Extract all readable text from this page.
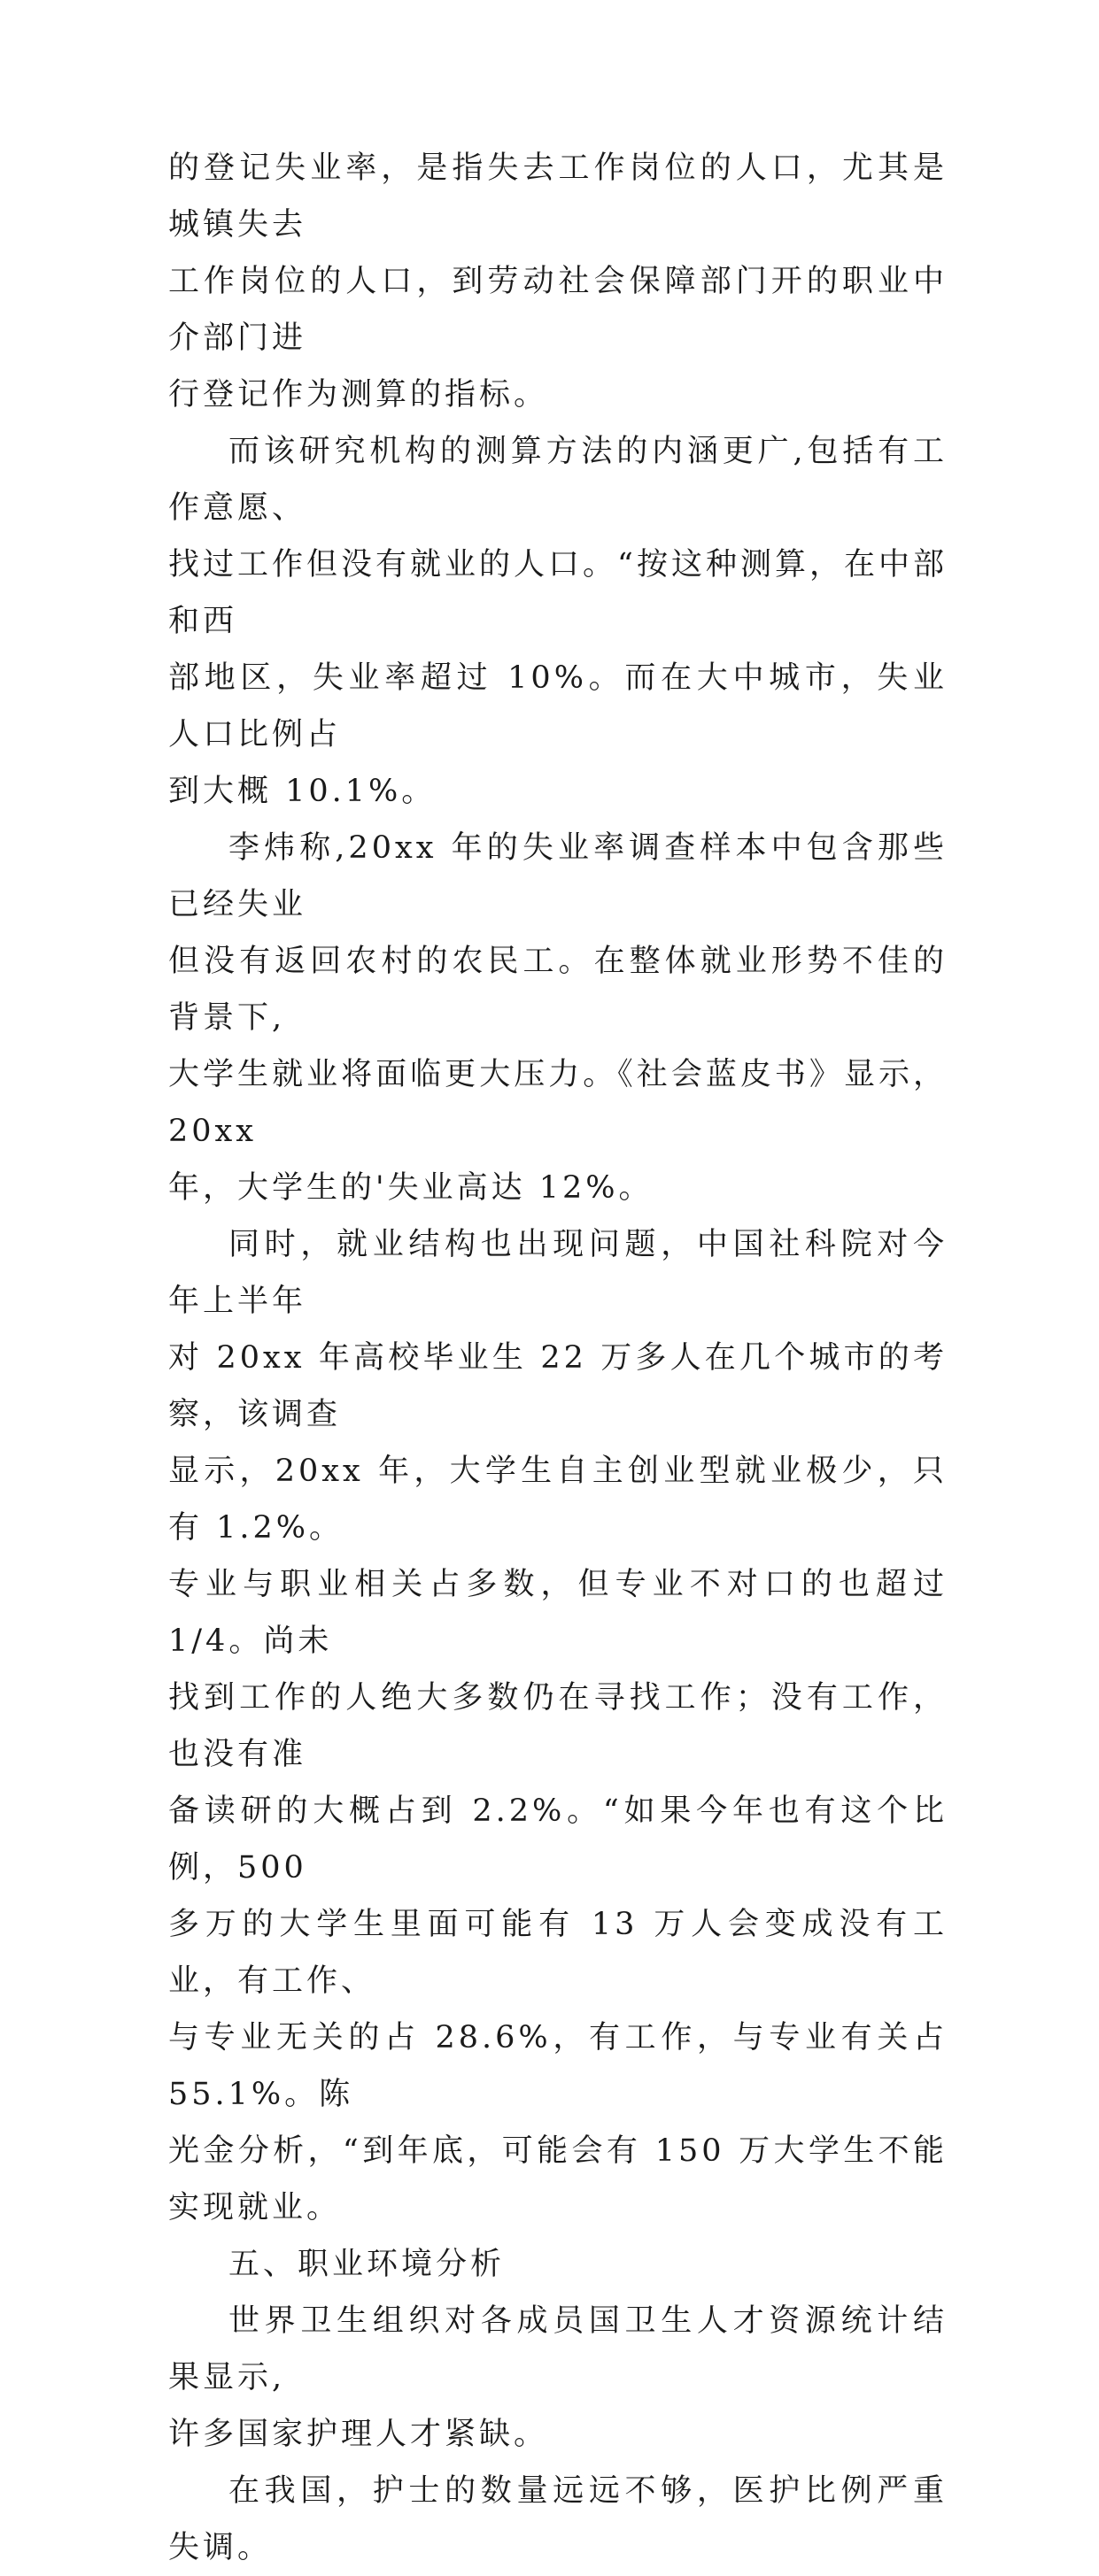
的登记失业率，是指失去工作岗位的人口，尤其是城镇失去
工作岗位的人口，到劳动社会保障部门开的职业中介部门进
行登记作为测算的指标。

而该研究机构的测算方法的内涵更广,包括有工作意愿、
找过工作但没有就业的人口。“按这种测算，在中部和西
部地区，失业率超过 10%。而在大中城市，失业人口比例占
到大概 10.1%。

李炜称,20xx 年的失业率调查样本中包含那些已经失业
但没有返回农村的农民工。在整体就业形势不佳的背景下,
大学生就业将面临更大压力。《社会蓝皮书》显示，20xx
年，大学生的'失业高达 12%。

同时，就业结构也出现问题，中国社科院对今年上半年
对 20xx 年高校毕业生 22 万多人在几个城市的考察，该调查
显示，20xx 年，大学生自主创业型就业极少，只有 1.2%。
专业与职业相关占多数，但专业不对口的也超过 1/4。尚未
找到工作的人绝大多数仍在寻找工作；没有工作，也没有准
备读研的大概占到 2.2%。“如果今年也有这个比例，500
多万的大学生里面可能有 13 万人会变成没有工业，有工作、
与专业无关的占 28.6%，有工作，与专业有关占 55.1%。陈
光金分析，“到年底，可能会有 150 万大学生不能实现就业。

五、职业环境分析

世界卫生组织对各成员国卫生人才资源统计结果显示,
许多国家护理人才紧缺。

在我国，护士的数量远远不够，医护比例严重失调。
